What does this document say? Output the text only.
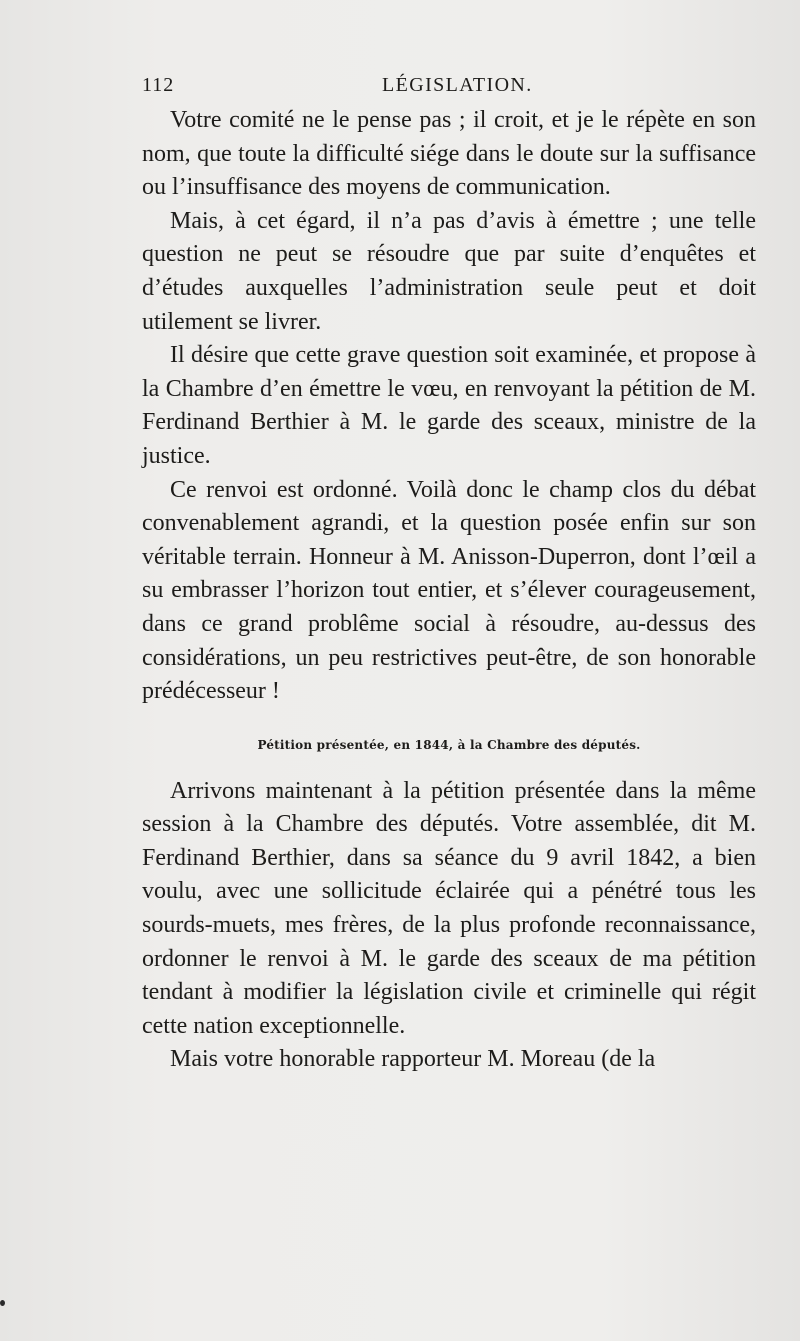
112	LÉGISLATION.

Votre comité ne le pense pas ; il croit, et je le répète en son nom, que toute la difficulté siége dans le doute sur la suffisance ou l’insuffisance des moyens de communication.

Mais, à cet égard, il n’a pas d’avis à émettre ; une telle question ne peut se résoudre que par suite d’enquêtes et d’études auxquelles l’administration seule peut et doit utilement se livrer.

Il désire que cette grave question soit examinée, et propose à la Chambre d’en émettre le vœu, en renvoyant la pétition de M. Ferdinand Berthier à M. le garde des sceaux, ministre de la justice.

Ce renvoi est ordonné. Voilà donc le champ clos du débat convenablement agrandi, et la question posée enfin sur son véritable terrain. Honneur à M. Anisson-Duperron, dont l’œil a su embrasser l’horizon tout entier, et s’élever courageusement, dans ce grand problême social à résoudre, au-dessus des considérations, un peu restrictives peut-être, de son honorable prédécesseur !

Pétition présentée, en 1844, à la Chambre des députés.

Arrivons maintenant à la pétition présentée dans la même session à la Chambre des députés. Votre assemblée, dit M. Ferdinand Berthier, dans sa séance du 9 avril 1842, a bien voulu, avec une sollicitude éclairée qui a pénétré tous les sourds-muets, mes frères, de la plus profonde reconnaissance, ordonner le renvoi à M. le garde des sceaux de ma pétition tendant à modifier la législation civile et criminelle qui régit cette nation exceptionnelle.

Mais votre honorable rapporteur M. Moreau (de la
